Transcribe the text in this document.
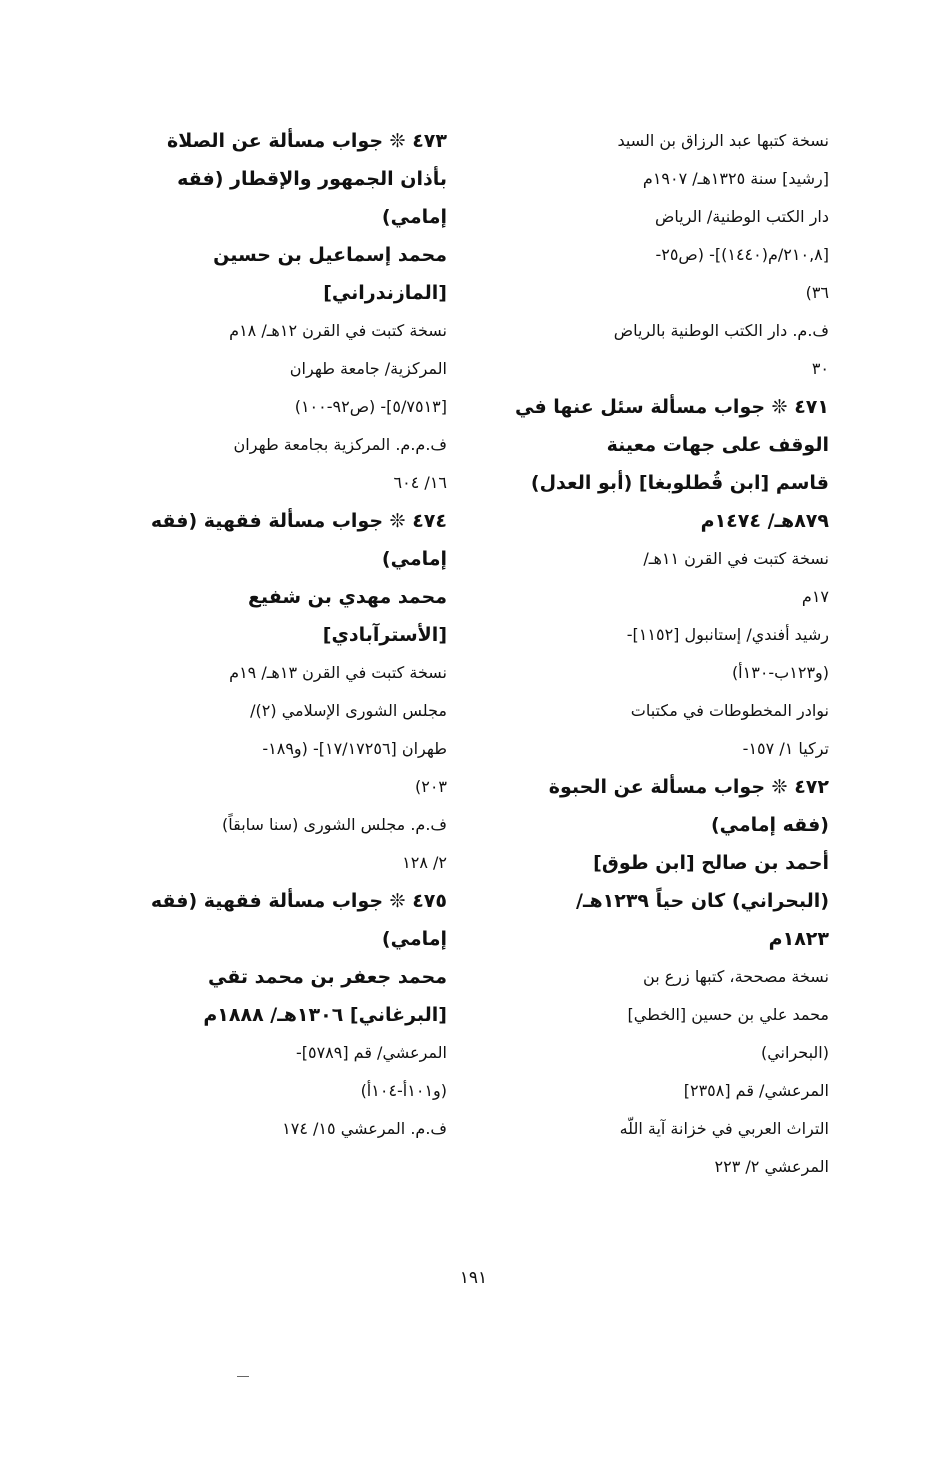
نسخة كتبها عبد الرزاق بن السيد
[رشيد] سنة ١٣٢٥هـ/ ١٩٠٧م
دار الكتب الوطنية/ الرياض
[٢١٠,٨/م(١٤٤٠)]- (ص٢٥-
٣٦)
ف.م. دار الكتب الوطنية بالرياض
٣٠
٤٧١ ❊ جواب مسألة سئل عنها في
الوقف على جهات معينة
قاسم [ابن قُطلوبغا] (أبو العدل)
٨٧٩هـ/ ١٤٧٤م
نسخة كتبت في القرن ١١هـ/
١٧م
رشيد أفندي/ إستانبول [١١٥٢]-
(و١٢٣ب-١٣٠أ)
نوادر المخطوطات في مكتبات
تركيا ١/ ١٥٧-
٤٧٢ ❊ جواب مسألة عن الحبوة
(فقه إمامي)
أحمد بن صالح [ابن طوق]
(البحراني) كان حياً ١٢٣٩هـ/
١٨٢٣م
نسخة مصححة، كتبها زرع بن
محمد علي بن حسين [الخطي]
(البحراني)
المرعشي/ قم [٢٣٥٨]
التراث العربي في خزانة آية اللّه
المرعشي ٢/ ٢٢٣
٤٧٣ ❊ جواب مسألة عن الصلاة
بأذان الجمهور والإقطار (فقه
إمامي)
محمد إسماعيل بن حسين
[المازندراني]
نسخة كتبت في القرن ١٢هـ/ ١٨م
المركزية/ جامعة طهران
[٥/٧٥١٣]- (ص٩٢-١٠٠)
ف.م.م. المركزية بجامعة طهران
١٦/ ٦٠٤
٤٧٤ ❊ جواب مسألة فقهية (فقه
إمامي)
محمد مهدي بن شفيع
[الأسترآبادي]
نسخة كتبت في القرن ١٣هـ/ ١٩م
مجلس الشورى الإسلامي (٢)/
طهران [١٧/١٧٢٥٦]- (و١٨٩-
٢٠٣)
ف.م. مجلس الشورى (سنا سابقاً)
٢/ ١٢٨
٤٧٥ ❊ جواب مسألة فقهية (فقه
إمامي)
محمد جعفر بن محمد تقي
[البرغاني] ١٣٠٦هـ/ ١٨٨٨م
المرعشي/ قم [٥٧٨٩]-
(و١٠١أ-١٠٤أ)
ف.م. المرعشي ١٥/ ١٧٤
١٩١
